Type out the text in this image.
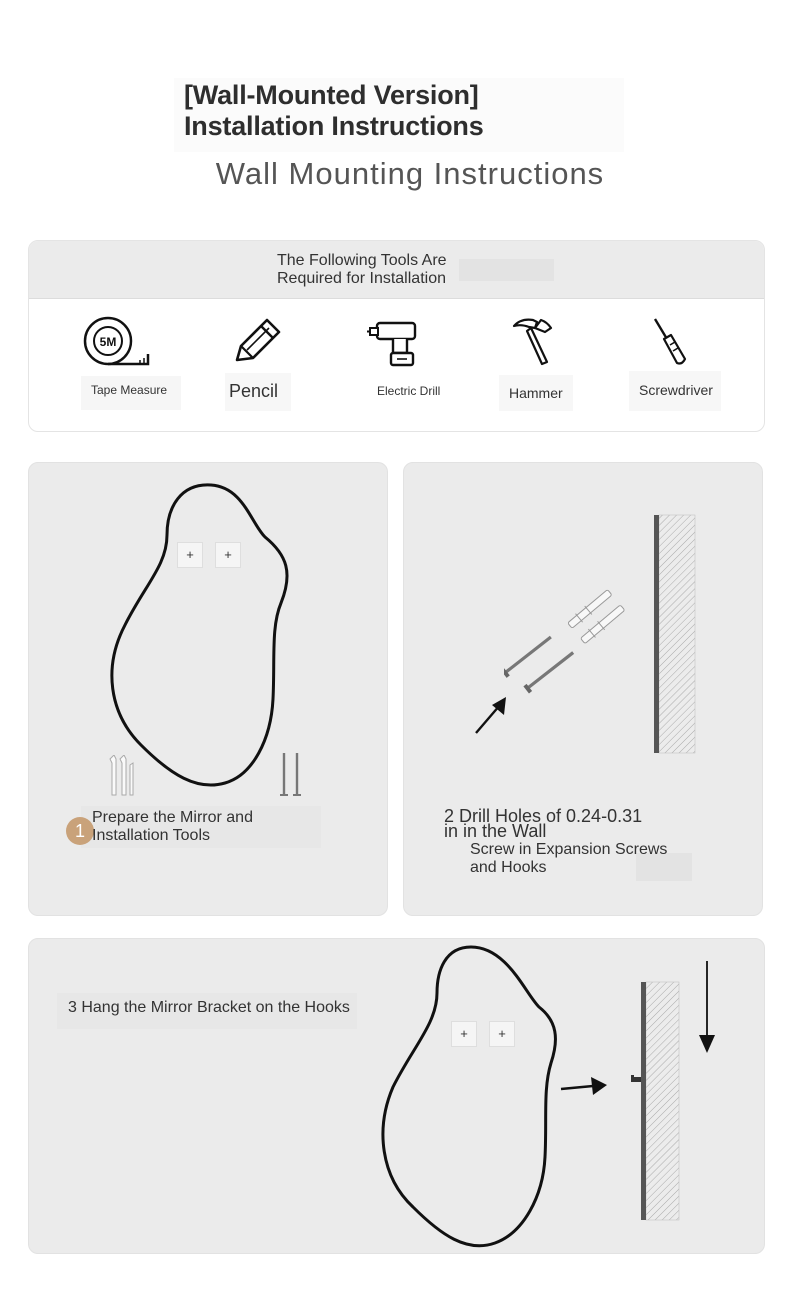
[Wall-Mounted Version]
Installation Instructions
Wall Mounting Instructions
The Following Tools Are
Required for Installation
5M
Tape Measure	Pencil	Electric Drill	Hammer	Screwdriver
+	+
1
Prepare the Mirror and
Installation Tools
2 Drill Holes of 0.24-0.31
in in the Wall
Screw in Expansion Screws
and Hooks
3 Hang the Mirror Bracket on the Hooks
+	+
